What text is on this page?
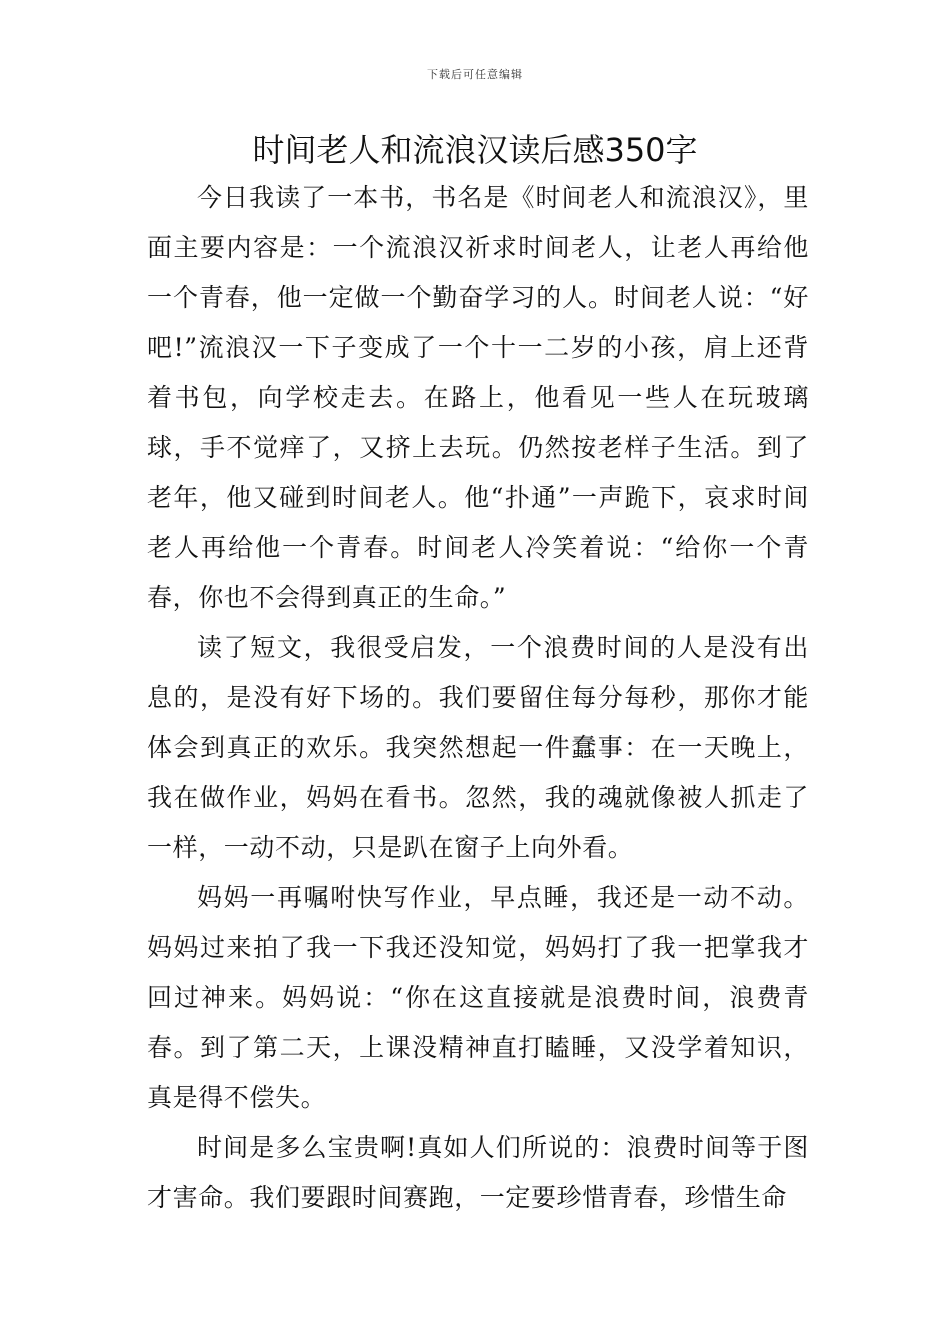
下载后可任意编辑
时间老人和流浪汉读后感350字

今日我读了一本书，书名是《时间老人和流浪汉》，里面主要内容是：一个流浪汉祈求时间老人，让老人再给他一个青春，他一定做一个勤奋学习的人。时间老人说：“好吧!”流浪汉一下子变成了一个十一二岁的小孩，肩上还背着书包，向学校走去。在路上，他看见一些人在玩玻璃球，手不觉痒了，又挤上去玩。仍然按老样子生活。到了老年，他又碰到时间老人。他“扑通”一声跪下，哀求时间老人再给他一个青春。时间老人冷笑着说：“给你一个青春，你也不会得到真正的生命。”

读了短文，我很受启发，一个浪费时间的人是没有出息的，是没有好下场的。我们要留住每分每秒，那你才能体会到真正的欢乐。我突然想起一件蠢事：在一天晚上，我在做作业，妈妈在看书。忽然，我的魂就像被人抓走了一样，一动不动，只是趴在窗子上向外看。

妈妈一再嘱咐快写作业，早点睡，我还是一动不动。妈妈过来拍了我一下我还没知觉，妈妈打了我一把掌我才回过神来。妈妈说：“你在这直接就是浪费时间，浪费青春。到了第二天，上课没精神直打瞌睡，又没学着知识，真是得不偿失。

时间是多么宝贵啊!真如人们所说的：浪费时间等于图才害命。我们要跟时间赛跑，一定要珍惜青春，珍惜生命
